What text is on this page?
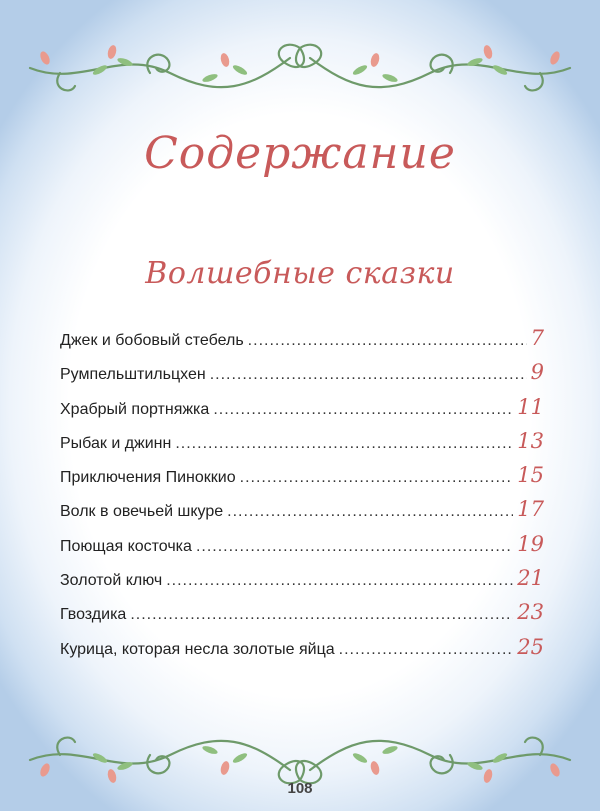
Содержание
Волшебные сказки
Джек и бобовый стебель .....	7
Румпельштильцхен .....	9
Храбрый портняжка .....	11
Рыбак и джинн .....	13
Приключения Пиноккио .....	15
Волк в овечьей шкуре .....	17
Поющая косточка .....	19
Золотой ключ .....	21
Гвоздика .....	23
Курица, которая несла золотые яйца .....	25
108
